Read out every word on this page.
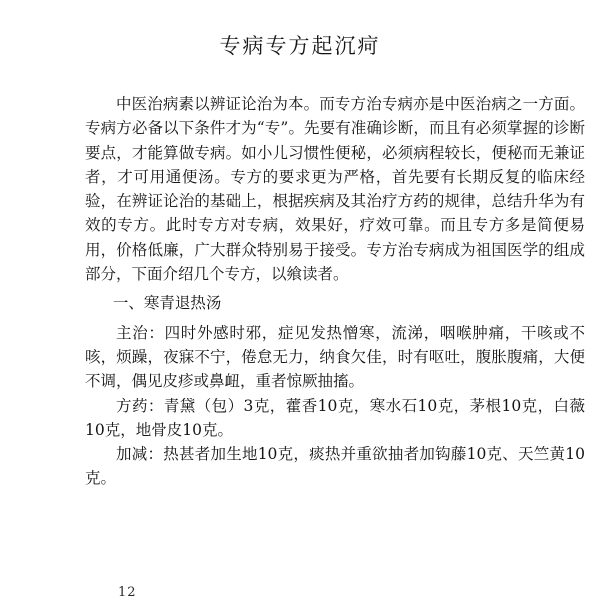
专病专方起沉疴

中医治病素以辨证论治为本。而专方治专病亦是中医治病之一方面。专病方必备以下条件才为“专”。先要有准确诊断，而且有必须掌握的诊断要点，才能算做专病。如小儿习惯性便秘，必须病程较长，便秘而无兼证者，才可用通便汤。专方的要求更为严格，首先要有长期反复的临床经验，在辨证论治的基础上，根据疾病及其治疗方药的规律，总结升华为有效的专方。此时专方对专病，效果好，疗效可靠。而且专方多是简便易用，价格低廉，广大群众特别易于接受。专方治专病成为祖国医学的组成部分，下面介绍几个专方，以飨读者。

一、寒青退热汤

主治：四时外感时邪，症见发热憎寒，流涕，咽喉肿痛，干咳或不咳，烦躁，夜寐不宁，倦怠无力，纳食欠佳，时有呕吐，腹胀腹痛，大便不调，偶见皮疹或鼻衄，重者惊厥抽搐。

方药：青黛（包）3克，藿香10克，寒水石10克，茅根10克，白薇10克，地骨皮10克。

加减：热甚者加生地10克，痰热并重欲抽者加钩藤10克、天竺黄10克。

12
